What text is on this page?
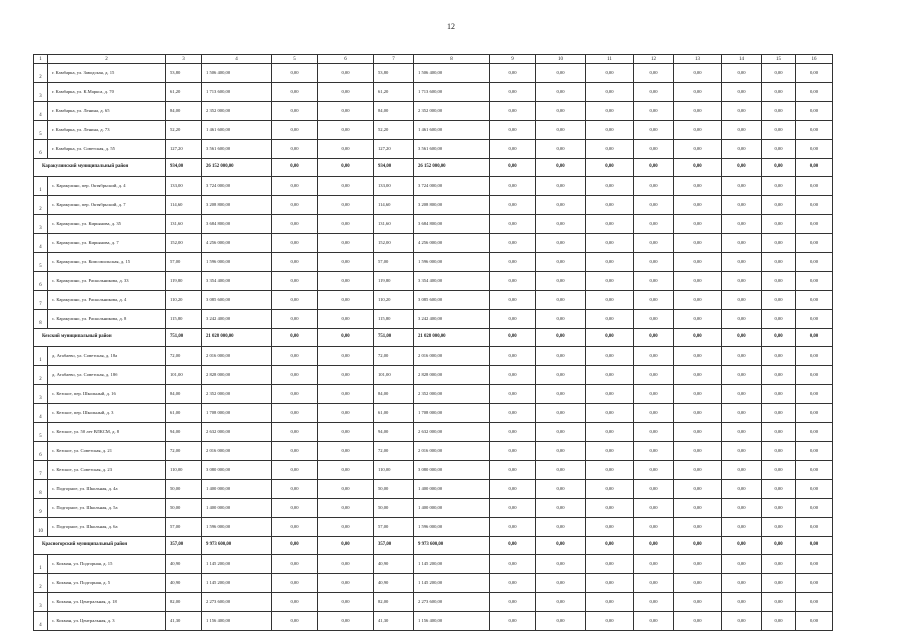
12
1	2	3	4	5	6	7	8	9	10	11	12	13	14	15	16
2	г. Камбарка, ул. Заводская, д. 15	53,80	1 506 400,00	0,00	0,00	53,80	1 506 400,00	0,00	0,00	0,00	0,00	0,00	0,00	0,00	0,00
3	г. Камбарка, ул. К.Маркса, д. 70	61,20	1 713 600,00	0,00	0,00	61,20	1 713 600,00	0,00	0,00	0,00	0,00	0,00	0,00	0,00	0,00
4	г. Камбарка, ул. Ленина, д. 65	84,00	2 352 000,00	0,00	0,00	84,00	2 352 000,00	0,00	0,00	0,00	0,00	0,00	0,00	0,00	0,00
5	г. Камбарка, ул. Ленина, д. 73	52,20	1 461 600,00	0,00	0,00	52,20	1 461 600,00	0,00	0,00	0,00	0,00	0,00	0,00	0,00	0,00
6	г. Камбарка, ул. Советская, д. 55	127,20	3 561 600,00	0,00	0,00	127,20	3 561 600,00	0,00	0,00	0,00	0,00	0,00	0,00	0,00	0,00
Каракулинский муниципальный район		934,00	26 152 000,00	0,00	0,00	934,00	26 152 000,00	0,00	0,00	0,00	0,00	0,00	0,00	0,00	0,00
1	с. Каракулино, пер. Октябрьский, д. 4	133,00	3 724 000,00	0,00	0,00	133,00	3 724 000,00	0,00	0,00	0,00	0,00	0,00	0,00	0,00	0,00
2	с. Каракулино, пер. Октябрьский, д. 7	114,60	3 208 800,00	0,00	0,00	114,60	3 208 800,00	0,00	0,00	0,00	0,00	0,00	0,00	0,00	0,00
3	с. Каракулино, ул. Кирьянова, д. 35	131,60	3 684 800,00	0,00	0,00	131,60	3 684 800,00	0,00	0,00	0,00	0,00	0,00	0,00	0,00	0,00
4	с. Каракулино, ул. Кирьянова, д. 7	152,00	4 256 000,00	0,00	0,00	152,00	4 256 000,00	0,00	0,00	0,00	0,00	0,00	0,00	0,00	0,00
5	с. Каракулино, ул. Комсомольская, д. 15	57,00	1 596 000,00	0,00	0,00	57,00	1 596 000,00	0,00	0,00	0,00	0,00	0,00	0,00	0,00	0,00
6	с. Каракулино, ул. Раскольникова, д. 33	119,80	3 354 400,00	0,00	0,00	119,80	3 354 400,00	0,00	0,00	0,00	0,00	0,00	0,00	0,00	0,00
7	с. Каракулино, ул. Раскольникова, д. 4	110,20	3 085 600,00	0,00	0,00	110,20	3 085 600,00	0,00	0,00	0,00	0,00	0,00	0,00	0,00	0,00
8	с. Каракулино, ул. Раскольникова, д. 8	115,80	3 242 400,00	0,00	0,00	115,80	3 242 400,00	0,00	0,00	0,00	0,00	0,00	0,00	0,00	0,00
Кезский муниципальный район		751,00	21 028 000,00	0,00	0,00	751,00	21 028 000,00	0,00	0,00	0,00	0,00	0,00	0,00	0,00	0,00
1	д. Атабаево, ул. Советская, д. 18а	72,00	2 016 000,00	0,00	0,00	72,00	2 016 000,00	0,00	0,00	0,00	0,00	0,00	0,00	0,00	0,00
2	д. Атабаево, ул. Советская, д. 18б	101,00	2 828 000,00	0,00	0,00	101,00	2 828 000,00	0,00	0,00	0,00	0,00	0,00	0,00	0,00	0,00
3	с. Кезское, пер. Школьный, д. 16	84,00	2 352 000,00	0,00	0,00	84,00	2 352 000,00	0,00	0,00	0,00	0,00	0,00	0,00	0,00	0,00
4	с. Кезское, пер. Школьный, д. 3	61,00	1 708 000,00	0,00	0,00	61,00	1 708 000,00	0,00	0,00	0,00	0,00	0,00	0,00	0,00	0,00
5	с. Кезское, ул. 50 лет ВЛКСМ, д. 8	94,00	2 632 000,00	0,00	0,00	94,00	2 632 000,00	0,00	0,00	0,00	0,00	0,00	0,00	0,00	0,00
6	с. Кезское, ул. Советская, д. 21	72,00	2 016 000,00	0,00	0,00	72,00	2 016 000,00	0,00	0,00	0,00	0,00	0,00	0,00	0,00	0,00
7	с. Кезское, ул. Советская, д. 23	110,00	3 080 000,00	0,00	0,00	110,00	3 080 000,00	0,00	0,00	0,00	0,00	0,00	0,00	0,00	0,00
8	с. Подгорное, ул. Школьная, д. 4а	50,00	1 400 000,00	0,00	0,00	50,00	1 400 000,00	0,00	0,00	0,00	0,00	0,00	0,00	0,00	0,00
9	с. Подгорное, ул. Школьная, д. 5а	50,00	1 400 000,00	0,00	0,00	50,00	1 400 000,00	0,00	0,00	0,00	0,00	0,00	0,00	0,00	0,00
10	с. Подгорное, ул. Школьная, д. 6а	57,00	1 596 000,00	0,00	0,00	57,00	1 596 000,00	0,00	0,00	0,00	0,00	0,00	0,00	0,00	0,00
Красногорский муниципальный район		357,00	9 973 600,00	0,00	0,00	357,00	9 973 600,00	0,00	0,00	0,00	0,00	0,00	0,00	0,00	0,00
1	с. Кокман, ул. Подгорная, д. 15	40,90	1 145 200,00	0,00	0,00	40,90	1 145 200,00	0,00	0,00	0,00	0,00	0,00	0,00	0,00	0,00
2	с. Кокман, ул. Подгорная, д. 5	40,90	1 145 200,00	0,00	0,00	40,90	1 145 200,00	0,00	0,00	0,00	0,00	0,00	0,00	0,00	0,00
3	с. Кокман, ул. Центральная, д. 18	82,00	2 273 600,00	0,00	0,00	82,00	2 273 600,00	0,00	0,00	0,00	0,00	0,00	0,00	0,00	0,00
4	с. Кокман, ул. Центральная, д. 3	41,30	1 156 400,00	0,00	0,00	41,30	1 156 400,00	0,00	0,00	0,00	0,00	0,00	0,00	0,00	0,00
